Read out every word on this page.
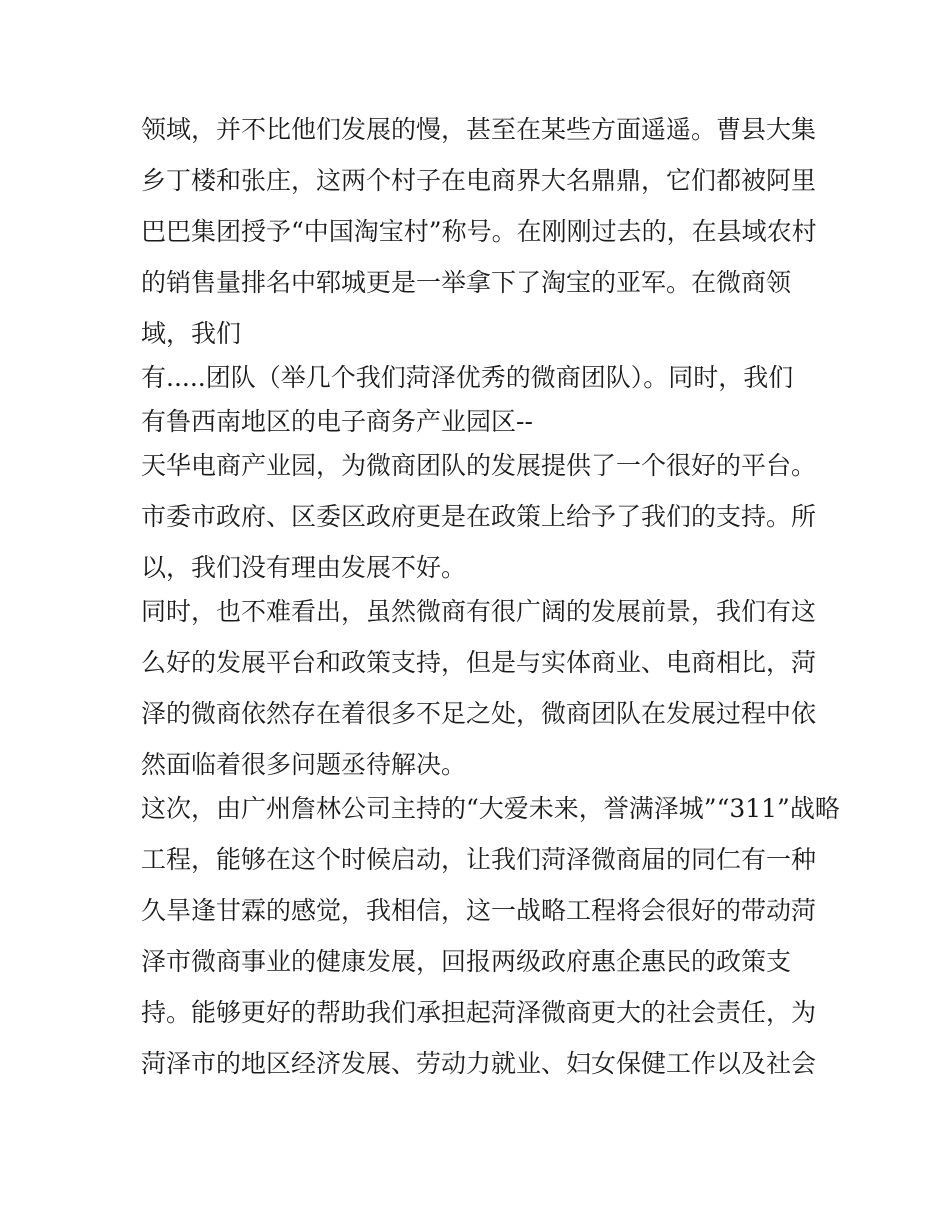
领域，并不比他们发展的慢，甚至在某些方面遥遥。曹县大集
乡丁楼和张庄，这两个村子在电商界大名鼎鼎，它们都被阿里
巴巴集团授予“中国淘宝村”称号。在刚刚过去的，在县域农村
的销售量排名中郓城更是一举拿下了淘宝的亚军。在微商领
域，我们
有.....团队（举几个我们菏泽优秀的微商团队）。同时，我们
有鲁西南地区的电子商务产业园区--
天华电商产业园，为微商团队的发展提供了一个很好的平台。
市委市政府、区委区政府更是在政策上给予了我们的支持。所
以，我们没有理由发展不好。
同时，也不难看出，虽然微商有很广阔的发展前景，我们有这
么好的发展平台和政策支持，但是与实体商业、电商相比，菏
泽的微商依然存在着很多不足之处，微商团队在发展过程中依
然面临着很多问题丞待解决。
这次，由广州詹林公司主持的“大爱未来，誉满泽城”“311”战略
工程，能够在这个时候启动，让我们菏泽微商届的同仁有一种
久旱逢甘霖的感觉，我相信，这一战略工程将会很好的带动菏
泽市微商事业的健康发展，回报两级政府惠企惠民的政策支
持。能够更好的帮助我们承担起菏泽微商更大的社会责任，为
菏泽市的地区经济发展、劳动力就业、妇女保健工作以及社会
